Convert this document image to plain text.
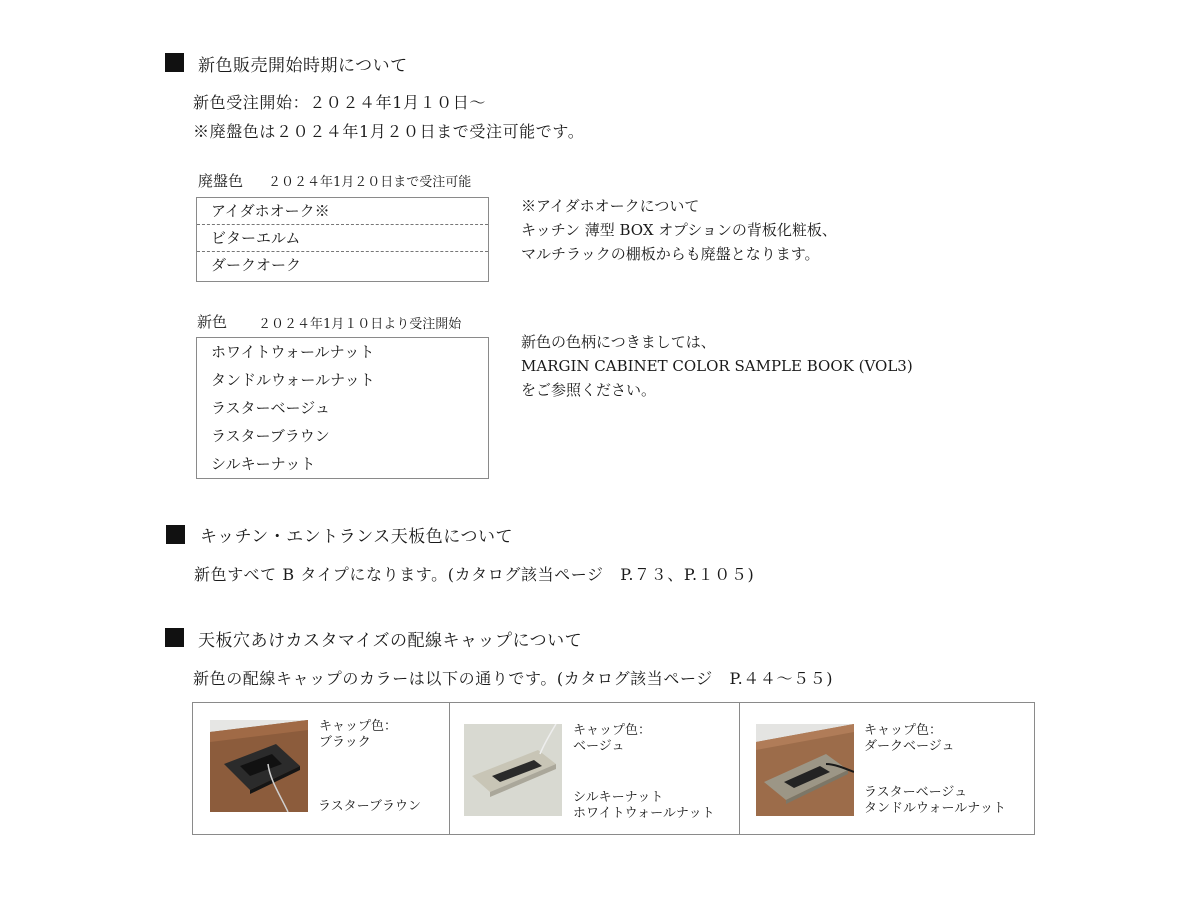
新色販売開始時期について
新色受注開始：２０２４年1月１０日〜
※廃盤色は２０２４年1月２０日まで受注可能です。
廃盤色 ２０２４年1月２０日まで受注可能
アイダホオーク※
ビターエルム
ダークオーク
※アイダホオークについて
キッチン 薄型 BOX オプションの背板化粧板、
マルチラックの棚板からも廃盤となります。
新色 ２０２４年1月１０日より受注開始
ホワイトウォールナット
タンドルウォールナット
ラスターベージュ
ラスターブラウン
シルキーナット
新色の色柄につきましては、
MARGIN CABINET COLOR SAMPLE BOOK (VOL3)
をご参照ください。
キッチン・エントランス天板色について
新色すべて B タイプになります。(カタログ該当ページ　P.７３、P.１０５)
天板穴あけカスタマイズの配線キャップについて
新色の配線キャップのカラーは以下の通りです。(カタログ該当ページ　P.４４〜５５)
キャップ色：
ブラック
ラスターブラウン
キャップ色：
ベージュ
シルキーナット
ホワイトウォールナット
キャップ色：
ダークベージュ
ラスターベージュ
タンドルウォールナット
